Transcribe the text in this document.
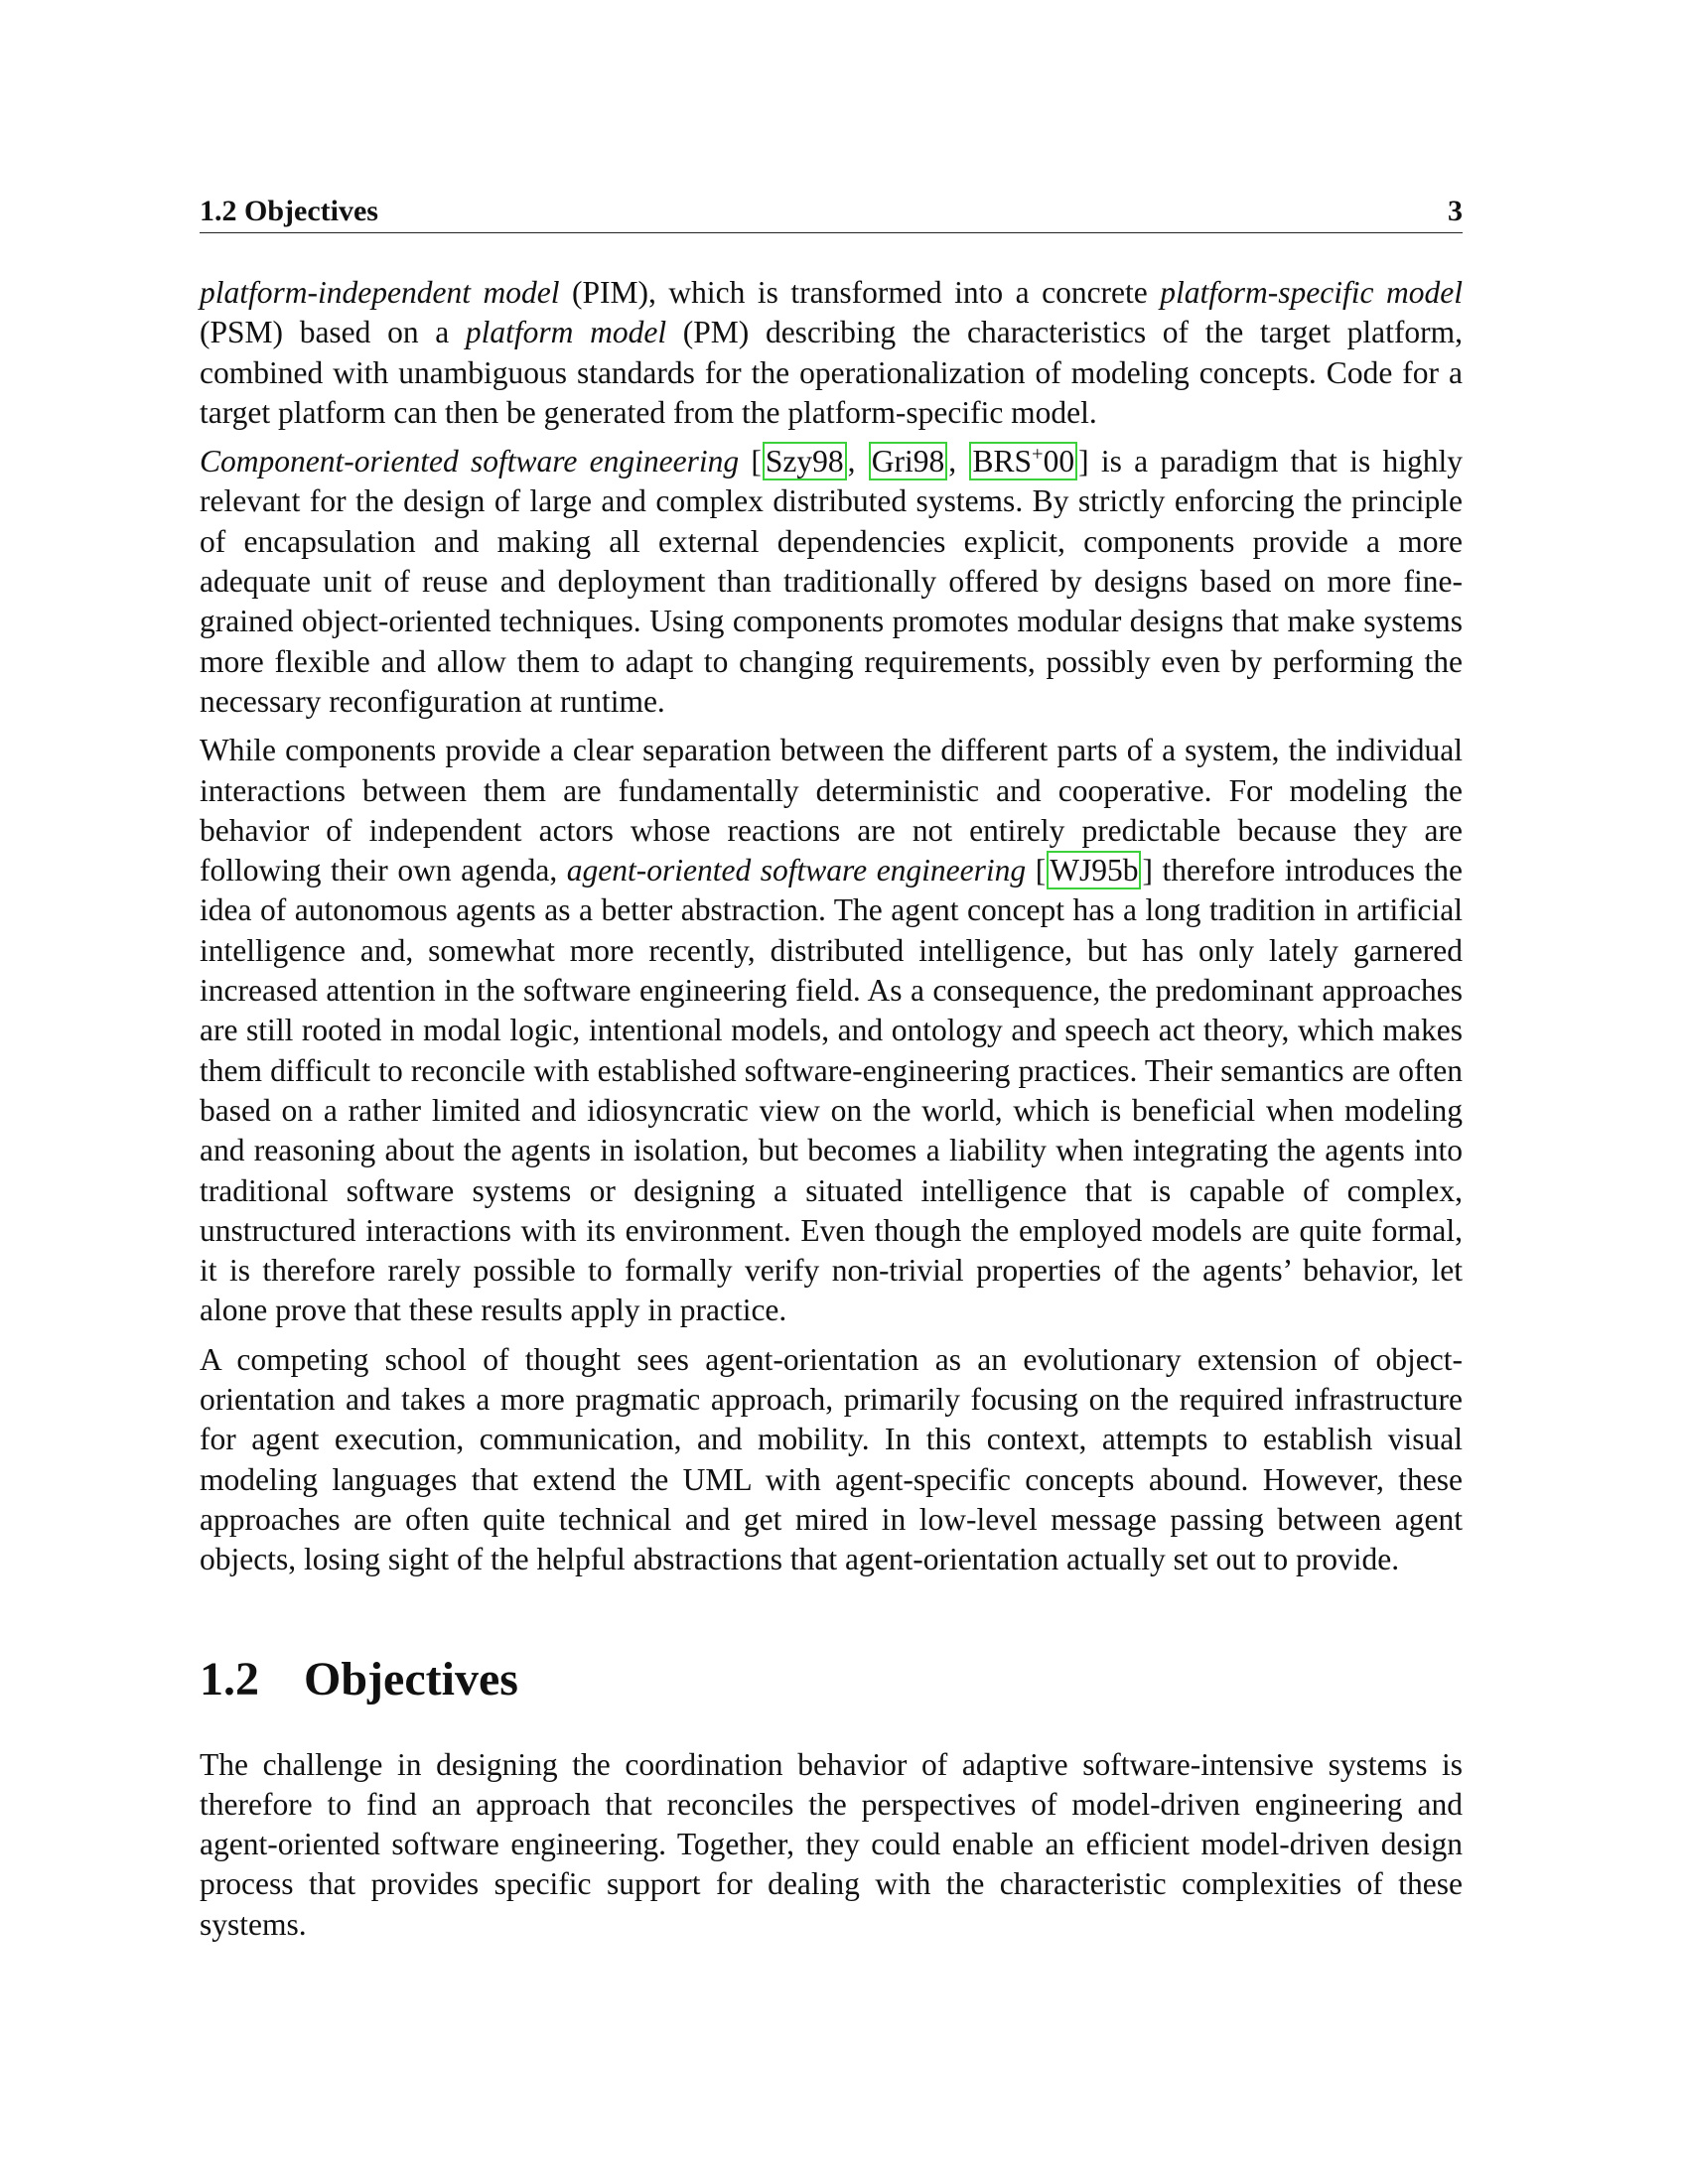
1.2 Objectives	3

platform-independent model (PIM), which is transformed into a concrete platform-specific model (PSM) based on a platform model (PM) describing the characteristics of the target platform, combined with unambiguous standards for the operationalization of modeling concepts. Code for a target platform can then be generated from the platform-specific model.

Component-oriented software engineering [ Szy98 , Gri98 , BRS+00 ] is a paradigm that is highly relevant for the design of large and complex distributed systems. By strictly enforcing the principle of encapsulation and making all external dependencies explicit, components provide a more adequate unit of reuse and deployment than traditionally offered by designs based on more fine-grained object-oriented techniques. Using components promotes modular designs that make systems more flexible and allow them to adapt to changing requirements, possibly even by performing the necessary reconfiguration at runtime.

While components provide a clear separation between the different parts of a system, the individual interactions between them are fundamentally deterministic and cooperative. For modeling the behavior of independent actors whose reactions are not entirely predictable because they are following their own agenda, agent-oriented software engineering [ WJ95b ] therefore introduces the idea of autonomous agents as a better abstraction. The agent concept has a long tradition in artificial intelligence and, somewhat more recently, distributed intelligence, but has only lately garnered increased attention in the software engineering field. As a consequence, the predominant approaches are still rooted in modal logic, intentional models, and ontology and speech act theory, which makes them difficult to reconcile with established software-engineering practices. Their semantics are often based on a rather limited and idiosyncratic view on the world, which is beneficial when modeling and reasoning about the agents in isolation, but becomes a liability when integrating the agents into traditional software systems or designing a situated intelligence that is capable of complex, unstructured interactions with its environment. Even though the employed models are quite formal, it is therefore rarely possible to formally verify non-trivial properties of the agents’ behavior, let alone prove that these results apply in practice.

A competing school of thought sees agent-orientation as an evolutionary extension of object-orientation and takes a more pragmatic approach, primarily focusing on the required infrastructure for agent execution, communication, and mobility. In this context, attempts to establish visual modeling languages that extend the UML with agent-specific concepts abound. However, these approaches are often quite technical and get mired in low-level message passing between agent objects, losing sight of the helpful abstractions that agent-orientation actually set out to provide.

1.2 Objectives

The challenge in designing the coordination behavior of adaptive software-intensive systems is therefore to find an approach that reconciles the perspectives of model-driven engineering and agent-oriented software engineering. Together, they could enable an efficient model-driven design process that provides specific support for dealing with the characteristic complexities of these systems.
